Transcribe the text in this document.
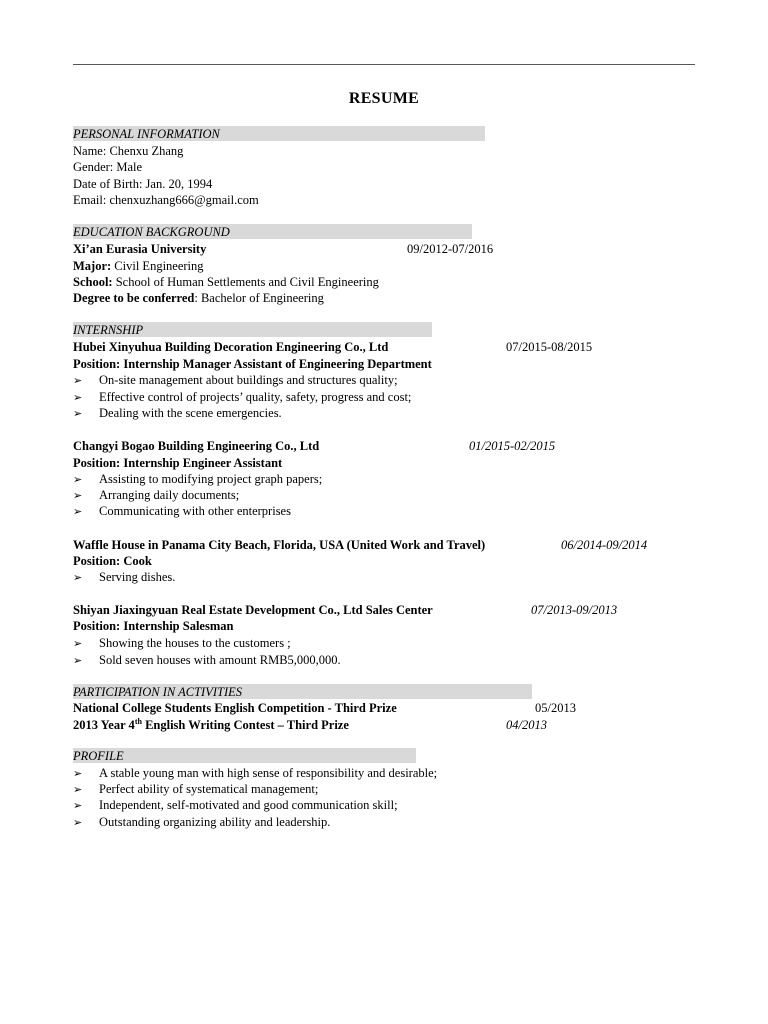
RESUME
PERSONAL INFORMATION
Name: Chenxu Zhang
Gender: Male
Date of Birth: Jan. 20, 1994
Email: chenxuzhang666@gmail.com
EDUCATION BACKGROUND
Xi’an Eurasia University	09/2012-07/2016
Major: Civil Engineering
School: School of Human Settlements and Civil Engineering
Degree to be conferred: Bachelor of Engineering
INTERNSHIP
Hubei Xinyuhua Building Decoration Engineering Co., Ltd	07/2015-08/2015
Position: Internship Manager Assistant of Engineering Department
➢ On-site management about buildings and structures quality;
➢ Effective control of projects’ quality, safety, progress and cost;
➢ Dealing with the scene emergencies.
Changyi Bogao Building Engineering Co., Ltd	01/2015-02/2015
Position: Internship Engineer Assistant
➢ Assisting to modifying project graph papers;
➢ Arranging daily documents;
➢ Communicating with other enterprises
Waffle House in Panama City Beach, Florida, USA (United Work and Travel)	06/2014-09/2014
Position: Cook
➢ Serving dishes.
Shiyan Jiaxingyuan Real Estate Development Co., Ltd Sales Center	07/2013-09/2013
Position: Internship Salesman
➢ Showing the houses to the customers ;
➢ Sold seven houses with amount RMB5,000,000.
PARTICIPATION IN ACTIVITIES
National College Students English Competition - Third Prize	05/2013
2013 Year 4th English Writing Contest – Third Prize	04/2013
PROFILE
➢ A stable young man with high sense of responsibility and desirable;
➢ Perfect ability of systematical management;
➢ Independent, self-motivated and good communication skill;
➢ Outstanding organizing ability and leadership.
